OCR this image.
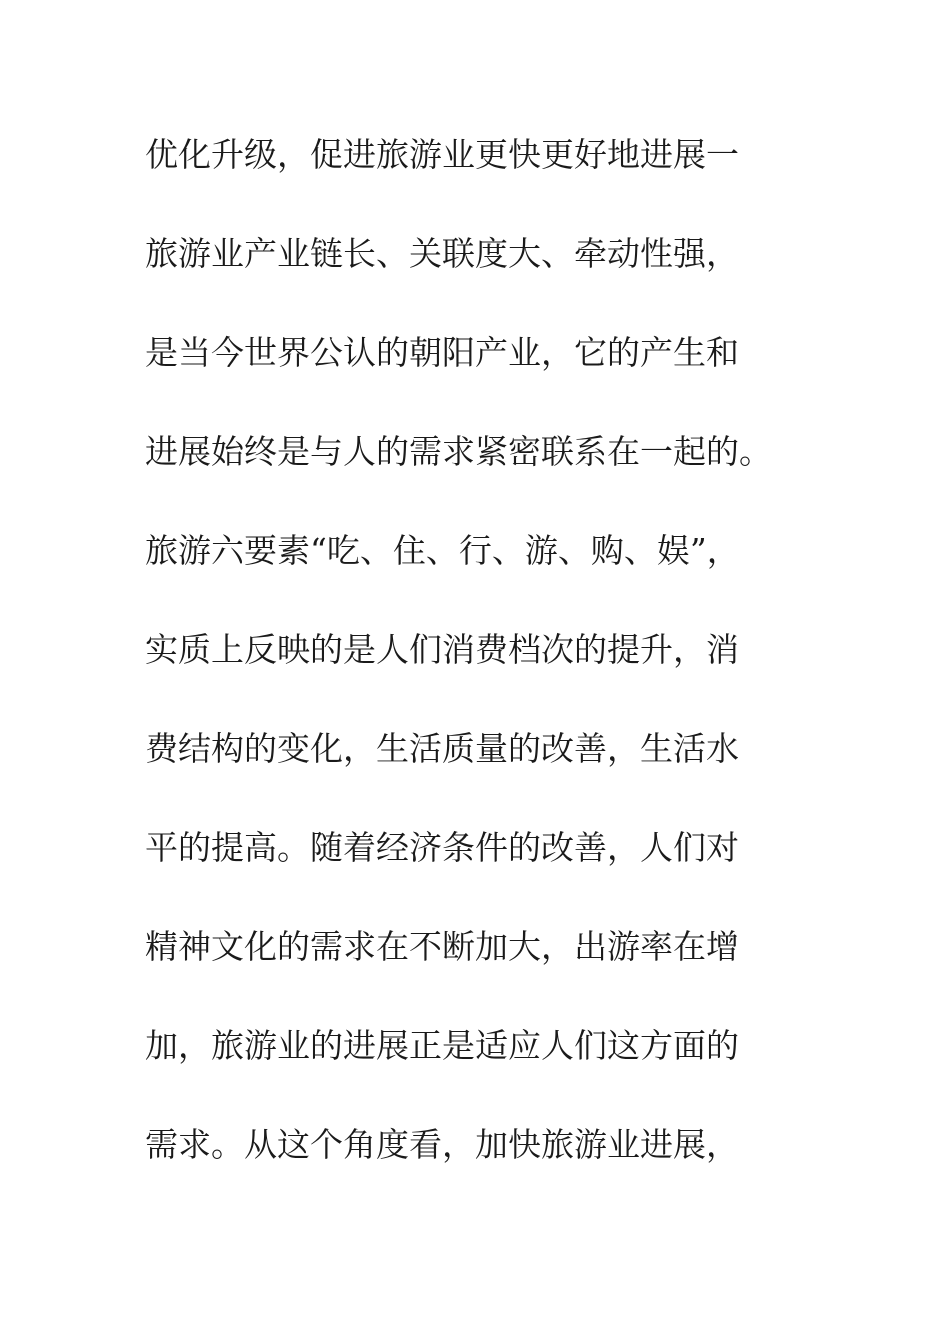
优化升级，促进旅游业更快更好地进展一
旅游业产业链长、关联度大、牵动性强，
是当今世界公认的朝阳产业，它的产生和
进展始终是与人的需求紧密联系在一起的。
旅游六要素“吃、住、行、游、购、娱”，
实质上反映的是人们消费档次的提升，消
费结构的变化，生活质量的改善，生活水
平的提高。随着经济条件的改善，人们对
精神文化的需求在不断加大，出游率在增
加，旅游业的进展正是适应人们这方面的
需求。从这个角度看，加快旅游业进展，
